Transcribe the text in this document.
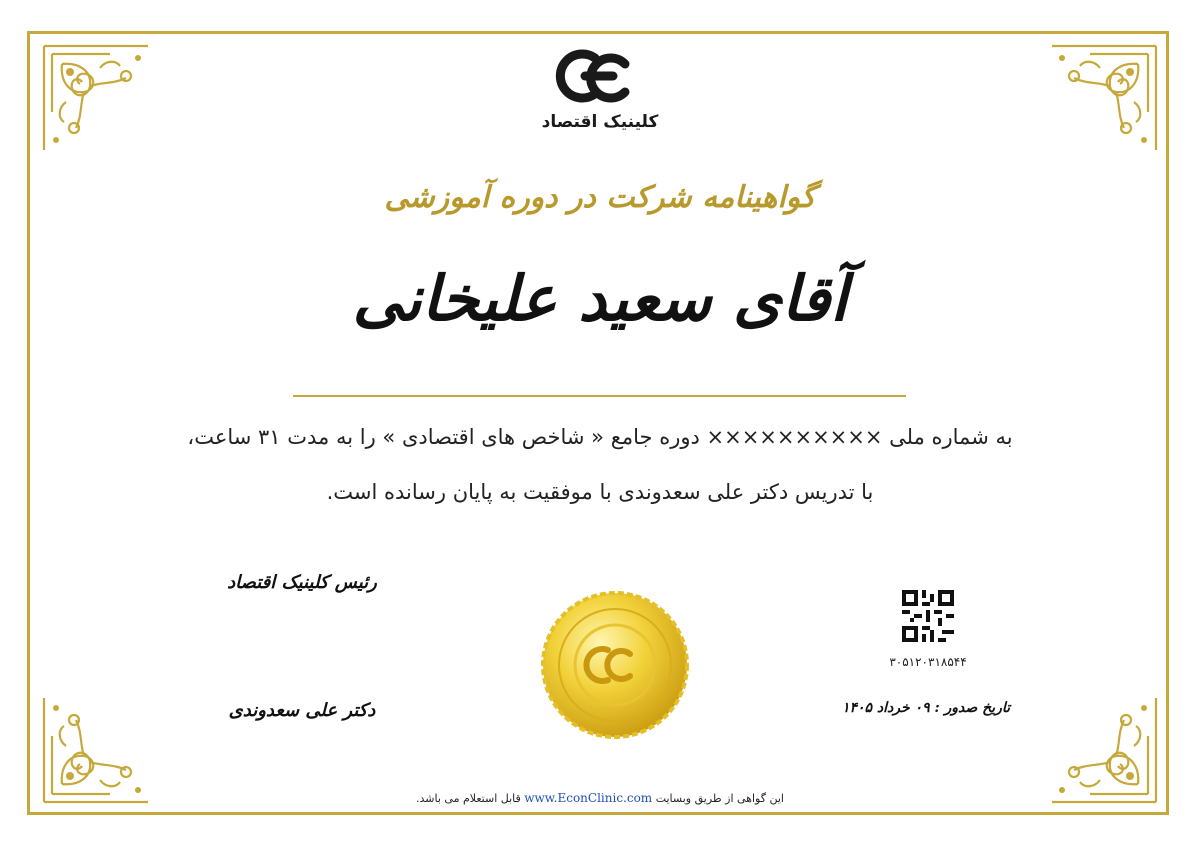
کلینیک اقتصاد
گواهینامه شرکت در دوره آموزشی
آقای سعید علیخانی
به شماره ملی ×××××××××× دوره جامع « شاخص های اقتصادی » را به مدت ۳۱ ساعت،
با تدریس دکتر علی سعدوندی با موفقیت به پایان رسانده است.
رئیس کلینیک اقتصاد
دکتر علی سعدوندی
۳۰۵۱۲۰۳۱۸۵۴۴
تاریخ صدور : ۰۹ خرداد ۱۴۰۵
این گواهی از طریق وبسایت www.EconClinic.com قابل استعلام می باشد.
